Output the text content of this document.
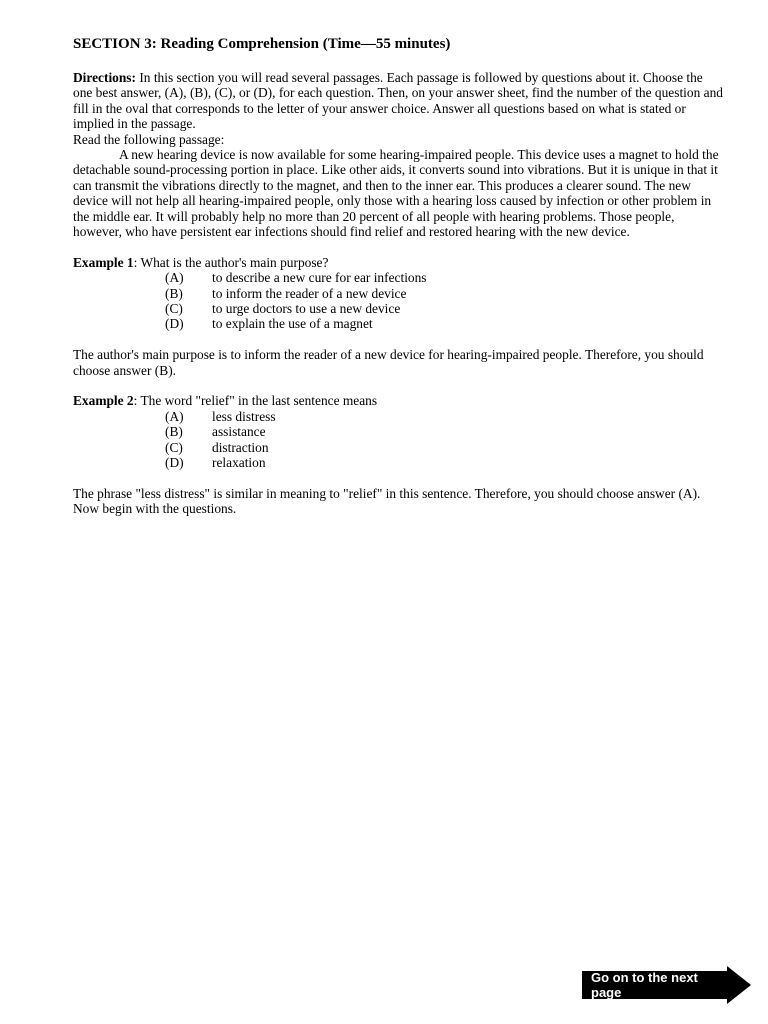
SECTION 3: Reading Comprehension (Time—55 minutes)

Directions: In this section you will read several passages. Each passage is followed by questions about it. Choose the one best answer, (A), (B), (C), or (D), for each question. Then, on your answer sheet, find the number of the question and fill in the oval that corresponds to the letter of your answer choice. Answer all questions based on what is stated or implied in the passage.

Read the following passage:

A new hearing device is now available for some hearing-impaired people. This device uses a magnet to hold the detachable sound-processing portion in place. Like other aids, it converts sound into vibrations. But it is unique in that it can transmit the vibrations directly to the magnet, and then to the inner ear. This produces a clearer sound. The new device will not help all hearing-impaired people, only those with a hearing loss caused by infection or other problem in the middle ear. It will probably help no more than 20 percent of all people with hearing problems. Those people, however, who have persistent ear infections should find relief and restored hearing with the new device.

Example 1: What is the author's main purpose?

(A)	to describe a new cure for ear infections
(B)	to inform the reader of a new device
(C)	to urge doctors to use a new device
(D)	to explain the use of a magnet

The author's main purpose is to inform the reader of a new device for hearing-impaired people. Therefore, you should choose answer (B).

Example 2: The word "relief" in the last sentence means

(A)	less distress
(B)	assistance
(C)	distraction
(D)	relaxation

The phrase "less distress" is similar in meaning to "relief" in this sentence. Therefore, you should choose answer (A).

Now begin with the questions.

Go on to the next page
